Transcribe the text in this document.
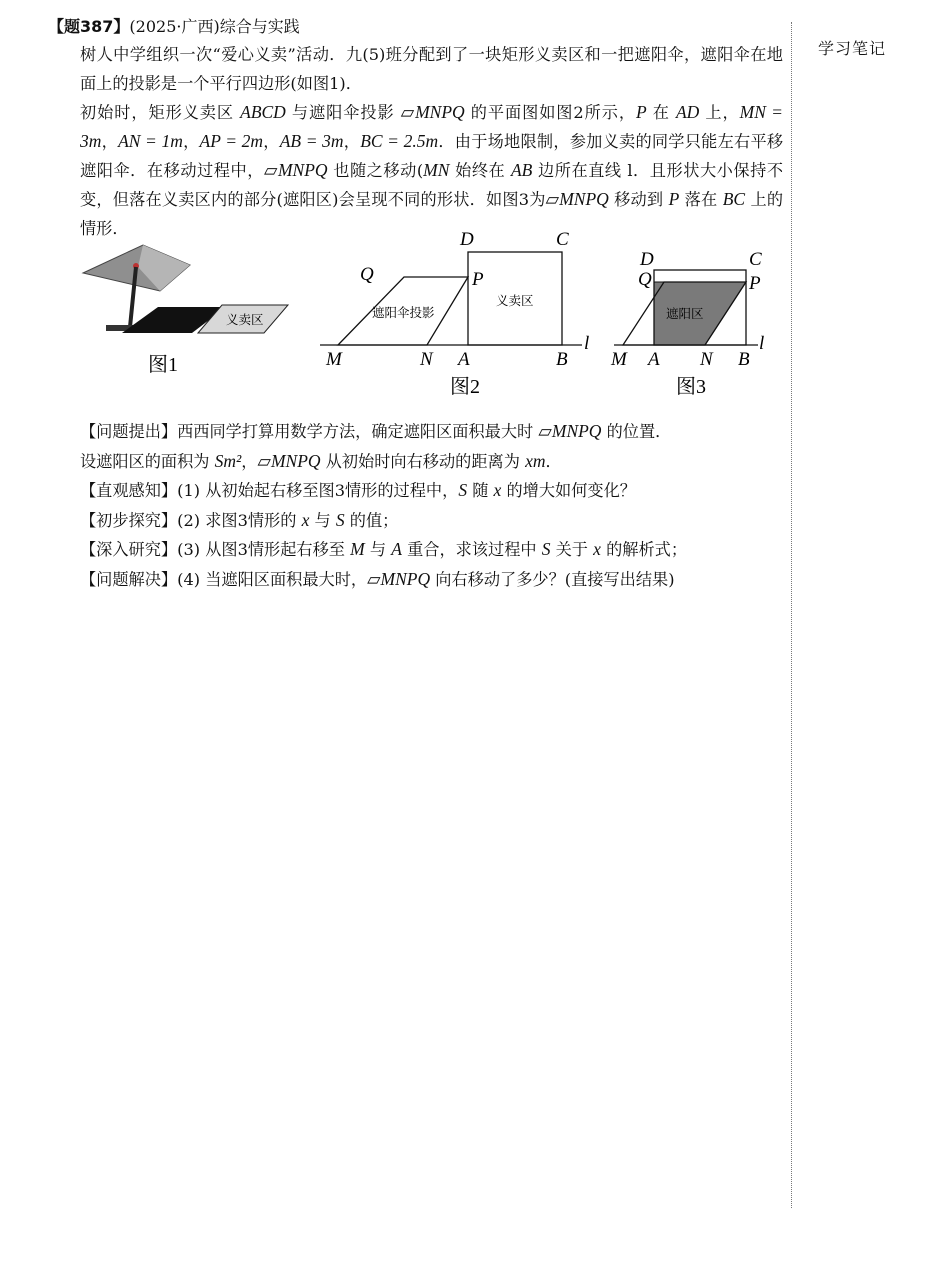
学习笔记
【题387】(2025·广西)综合与实践

树人中学组织一次“爱心义卖”活动．九(5)班分配到了一块矩形义卖区和一把遮阳伞，遮阳伞在地面上的投影是一个平行四边形(如图1)．

初始时，矩形义卖区 ABCD 与遮阳伞投影 ▱MNPQ 的平面图如图2所示，P 在 AD 上，MN = 3m，AN = 1m，AP = 2m，AB = 3m，BC = 2.5m．由于场地限制，参加义卖的同学只能左右平移遮阳伞．在移动过程中，▱MNPQ 也随之移动(MN 始终在 AB 边所在直线 l．且形状大小保持不变，但落在义卖区内的部分(遮阳区)会呈现不同的形状．如图3为▱MNPQ 移动到 P 落在 BC 上的情形．

义卖区
图1
D	C
Q	P
M	N A	B
l
遮阳伞投影
义卖区
图2
D	C
Q	P
M A N B
l
遮阳区
图3

【问题提出】西西同学打算用数学方法，确定遮阳区面积最大时 ▱MNPQ 的位置．

设遮阳区的面积为 Sm²，▱MNPQ 从初始时向右移动的距离为 xm．

【直观感知】(1) 从初始起右移至图3情形的过程中，S 随 x 的增大如何变化？

【初步探究】(2) 求图3情形的 x 与 S 的值；

【深入研究】(3) 从图3情形起右移至 M 与 A 重合，求该过程中 S 关于 x 的解析式；

【问题解决】(4) 当遮阳区面积最大时，▱MNPQ 向右移动了多少？(直接写出结果)
